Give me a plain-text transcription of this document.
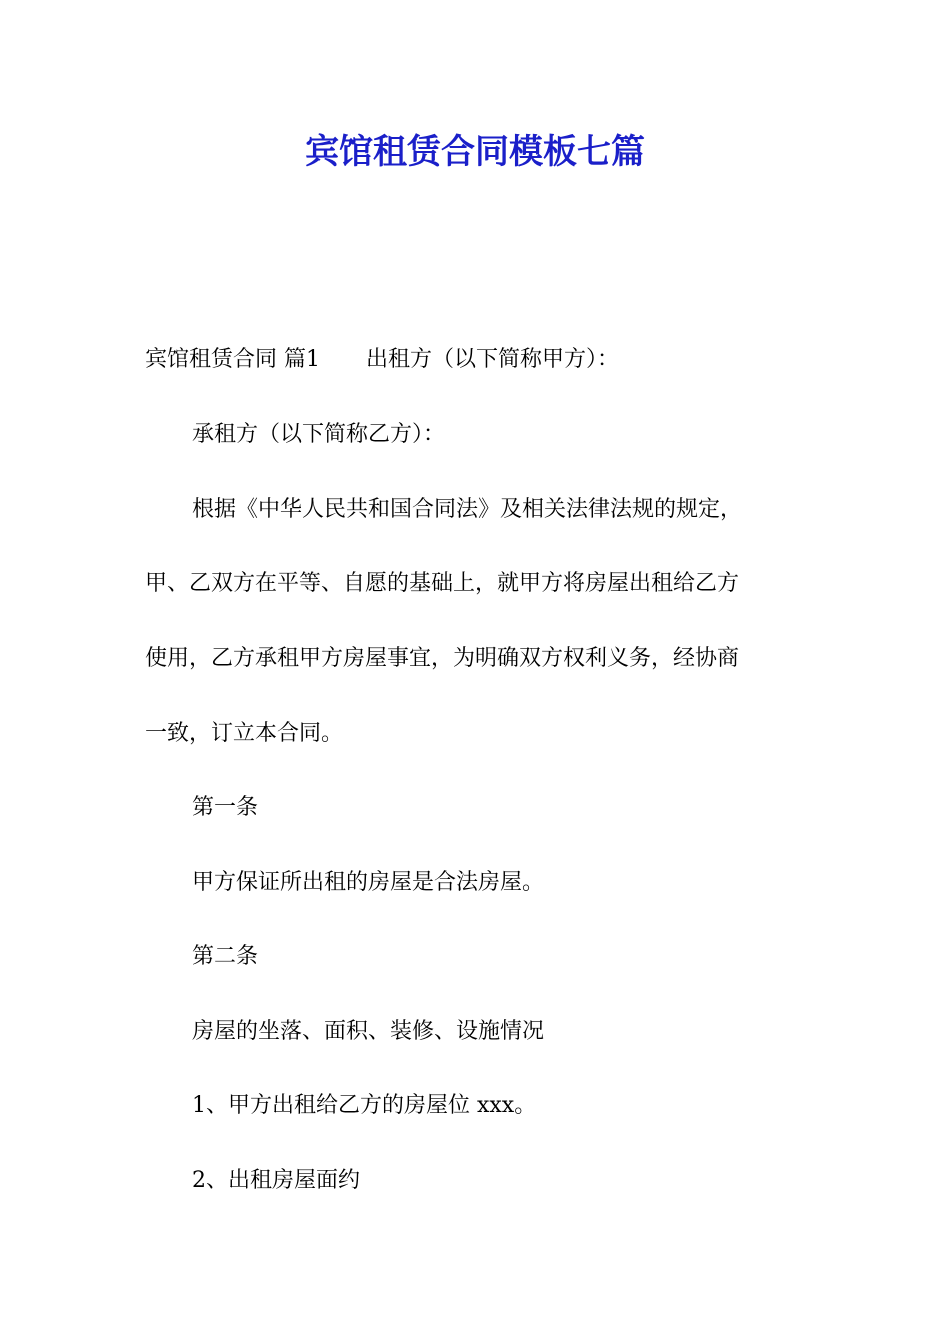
宾馆租赁合同模板七篇

宾馆租赁合同 篇1 出租方（以下简称甲方）：

承租方（以下简称乙方）：

根据《中华人民共和国合同法》及相关法律法规的规定，

甲、乙双方在平等、自愿的基础上，就甲方将房屋出租给乙方

使用，乙方承租甲方房屋事宜，为明确双方权利义务，经协商

一致，订立本合同。

第一条

甲方保证所出租的房屋是合法房屋。

第二条

房屋的坐落、面积、装修、设施情况

1、甲方出租给乙方的房屋位 xxx。

2、出租房屋面约
